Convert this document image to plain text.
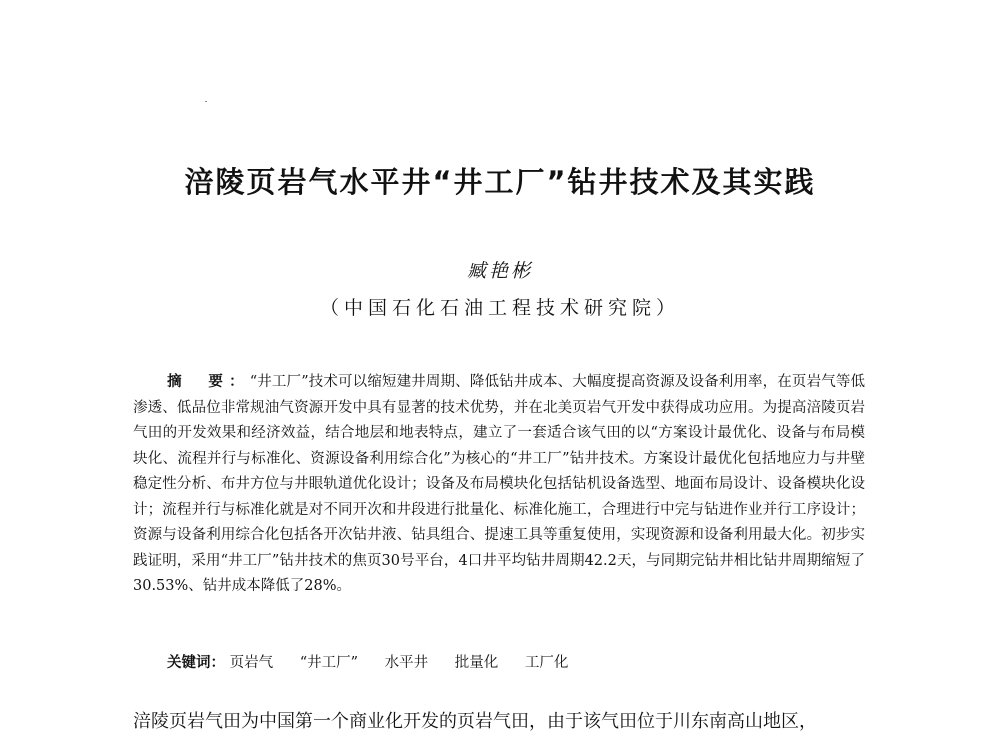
涪陵页岩气水平井“井工厂”钻井技术及其实践
臧艳彬
（中国石化石油工程技术研究院）

摘　要：“井工厂”技术可以缩短建井周期、降低钻井成本、大幅度提高资源及设备利用率，在页岩气等低渗透、低品位非常规油气资源开发中具有显著的技术优势，并在北美页岩气开发中获得成功应用。为提高涪陵页岩气田的开发效果和经济效益，结合地层和地表特点，建立了一套适合该气田的以“方案设计最优化、设备与布局模块化、流程并行与标准化、资源设备利用综合化”为核心的“井工厂”钻井技术。方案设计最优化包括地应力与井壁稳定性分析、布井方位与井眼轨道优化设计；设备及布局模块化包括钻机设备选型、地面布局设计、设备模块化设计；流程并行与标准化就是对不同开次和井段进行批量化、标准化施工，合理进行中完与钻进作业并行工序设计；资源与设备利用综合化包括各开次钻井液、钻具组合、提速工具等重复使用，实现资源和设备利用最大化。初步实践证明，采用“井工厂”钻井技术的焦页30号平台，4口井平均钻井周期42.2天，与同期完钻井相比钻井周期缩短了30.53%、钻井成本降低了28%。

关键词： 页岩气 “井工厂” 水平井 批量化 工厂化
涪陵页岩气田为中国第一个商业化开发的页岩气田，由于该气田位于川东南高山地区，
